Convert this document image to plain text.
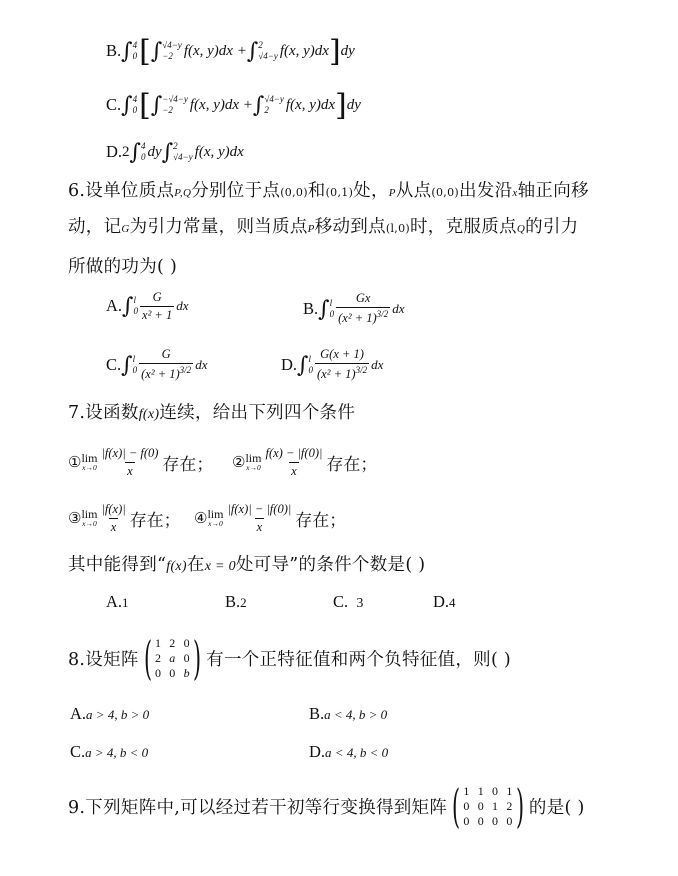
B. ∫ 4
0 [ ∫ √4−y
−2 f(x, y)dx + ∫ 2
√4−y f(x, y)dx ] dy
C. ∫ 4
0 [ ∫ −√4−y
−2	f(x, y)dx + ∫ √4−y
2	f(x, y)dx ] dy
D. 2 ∫ 4
0 dy ∫ 2
√4−y f(x, y)dx
6.设单位质点P,Q分别位于点(0,0)和(0,1)处，P从点(0,0)出发沿x轴正向移
动，记G为引力常量，则当质点P移动到点(l,0)时，克服质点Q的引力
所做的功为( )
A. ∫ l
$0 \frac{G}{\text{x² + 1}}$ dx	B. ∫ l
$0 \frac{Gx}{(x^2 + 1)^{3/2}}$ dx
C. ∫ l
$0 \frac{G}{(x^2 + 1)^{3/2}}$ dx	D. ∫ l
$0 \frac{G(x + 1)}{(x^2 + 1)^{3/2}}$ dx
7.设函数f(x)连续，给出下列四个条件
① lim
$x\to 0 \frac{|f(x)| - f(0)}{x}$ 存在； ② lim
$x\to 0 \frac{f(x) - |f(0)|}{x}$ 存在；
③ lim
$x\to 0 \frac{|f(x)|}{x}$ 存在； ④ lim
$x\to 0 \frac{|f(x)| - |f(0)|}{x}$ 存在；
其中能得到“f(x)在x = 0处可导”的条件个数是( )
A.1	B.2	C. 3	D.4
8.设矩阵 ( 1	2	0
2	a	0
0	0	b ) 有一个正特征值和两个负特征值，则( )
A.a > 4, b > 0	B.a < 4, b > 0
C.a > 4, b < 0	D.a < 4, b < 0
9.下列矩阵中,可以经过若干初等行变换得到矩阵 ( 1	1	0	1
0	0	1	2
0	0	0	0 ) 的是( )
